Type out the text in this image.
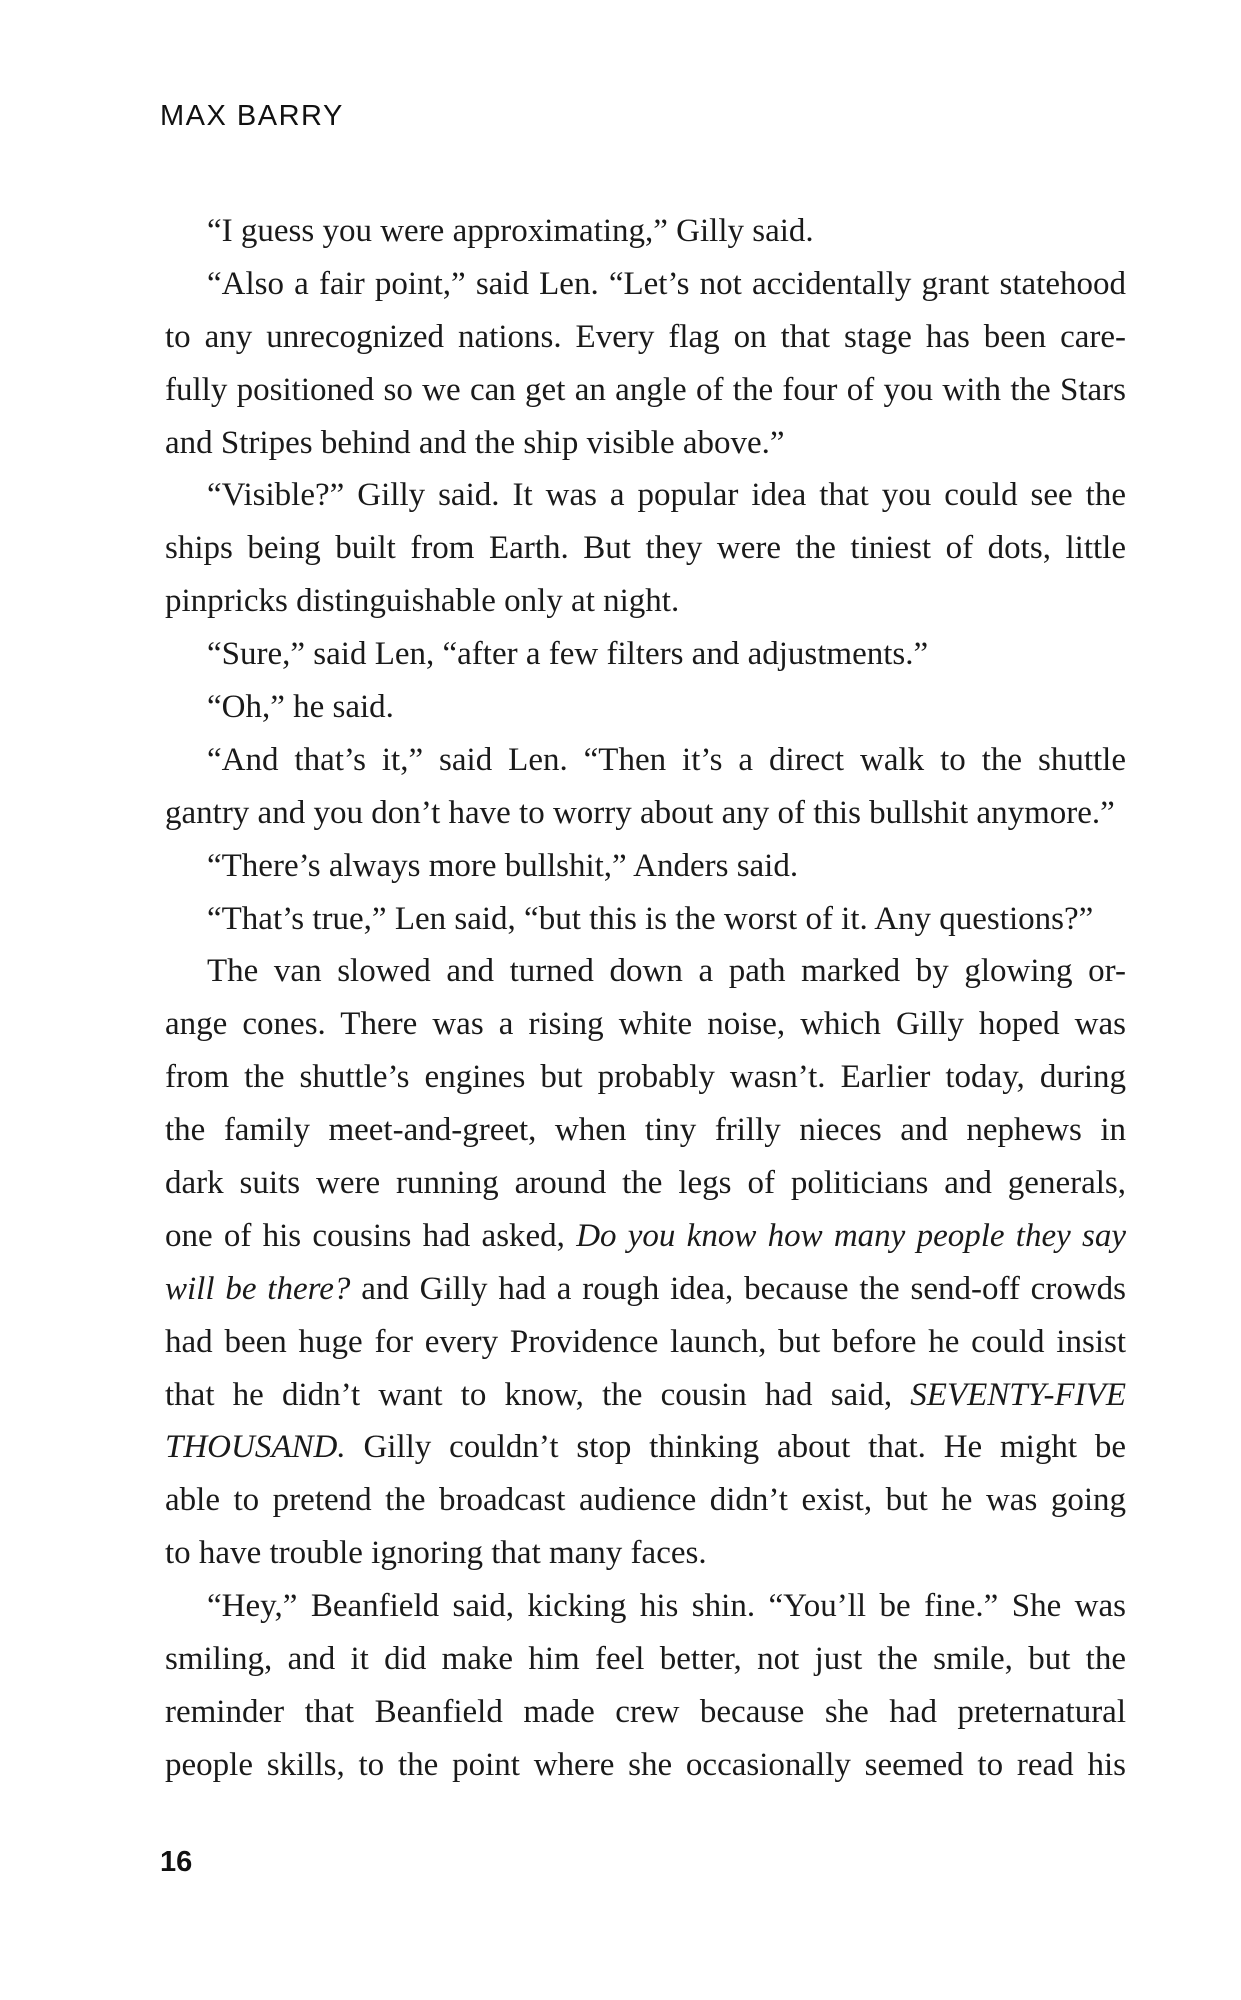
MAX BARRY
“I guess you were approximating,” Gilly said.
“Also a fair point,” said Len. “Let’s not accidentally grant statehood
to any unrecognized nations. Every flag on that stage has been care-
fully positioned so we can get an angle of the four of you with the Stars
and Stripes behind and the ship visible above.”
“Visible?” Gilly said. It was a popular idea that you could see the
ships being built from Earth. But they were the tiniest of dots, little
pinpricks distinguishable only at night.
“Sure,” said Len, “after a few filters and adjustments.”
“Oh,” he said.
“And that’s it,” said Len. “Then it’s a direct walk to the shuttle
gantry and you don’t have to worry about any of this bullshit anymore.”
“There’s always more bullshit,” Anders said.
“That’s true,” Len said, “but this is the worst of it. Any questions?”
The van slowed and turned down a path marked by glowing or-
ange cones. There was a rising white noise, which Gilly hoped was
from the shuttle’s engines but probably wasn’t. Earlier today, during
the family meet-and-greet, when tiny frilly nieces and nephews in
dark suits were running around the legs of politicians and generals,
one of his cousins had asked, Do you know how many people they say
will be there? and Gilly had a rough idea, because the send-off crowds
had been huge for every Providence launch, but before he could insist
that he didn’t want to know, the cousin had said, SEVENTY-FIVE
THOUSAND. Gilly couldn’t stop thinking about that. He might be
able to pretend the broadcast audience didn’t exist, but he was going
to have trouble ignoring that many faces.
“Hey,” Beanfield said, kicking his shin. “You’ll be fine.” She was
smiling, and it did make him feel better, not just the smile, but the
reminder that Beanfield made crew because she had preternatural
people skills, to the point where she occasionally seemed to read his
16
